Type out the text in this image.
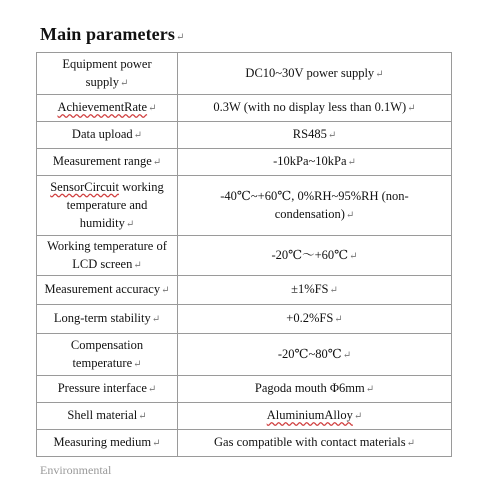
Main parameters↵
Equipment power supply↵	DC10~30V power supply↵
AchievementRate↵	0.3W (with no display less than 0.1W)↵
Data upload↵	RS485↵
Measurement range↵	-10kPa~10kPa↵
SensorCircuit working temperature and humidity↵	-40℃~+60℃, 0%RH~95%RH (non-condensation)↵
Working temperature of LCD screen↵	-20℃～+60℃↵
Measurement accuracy↵	±1%FS↵
Long-term stability↵	+0.2%FS↵
Compensation temperature↵	-20℃~80℃↵
Pressure interface↵	Pagoda mouth Φ6mm↵
Shell material↵	AluminiumAlloy↵
Measuring medium↵	Gas compatible with contact materials↵
Environmental
